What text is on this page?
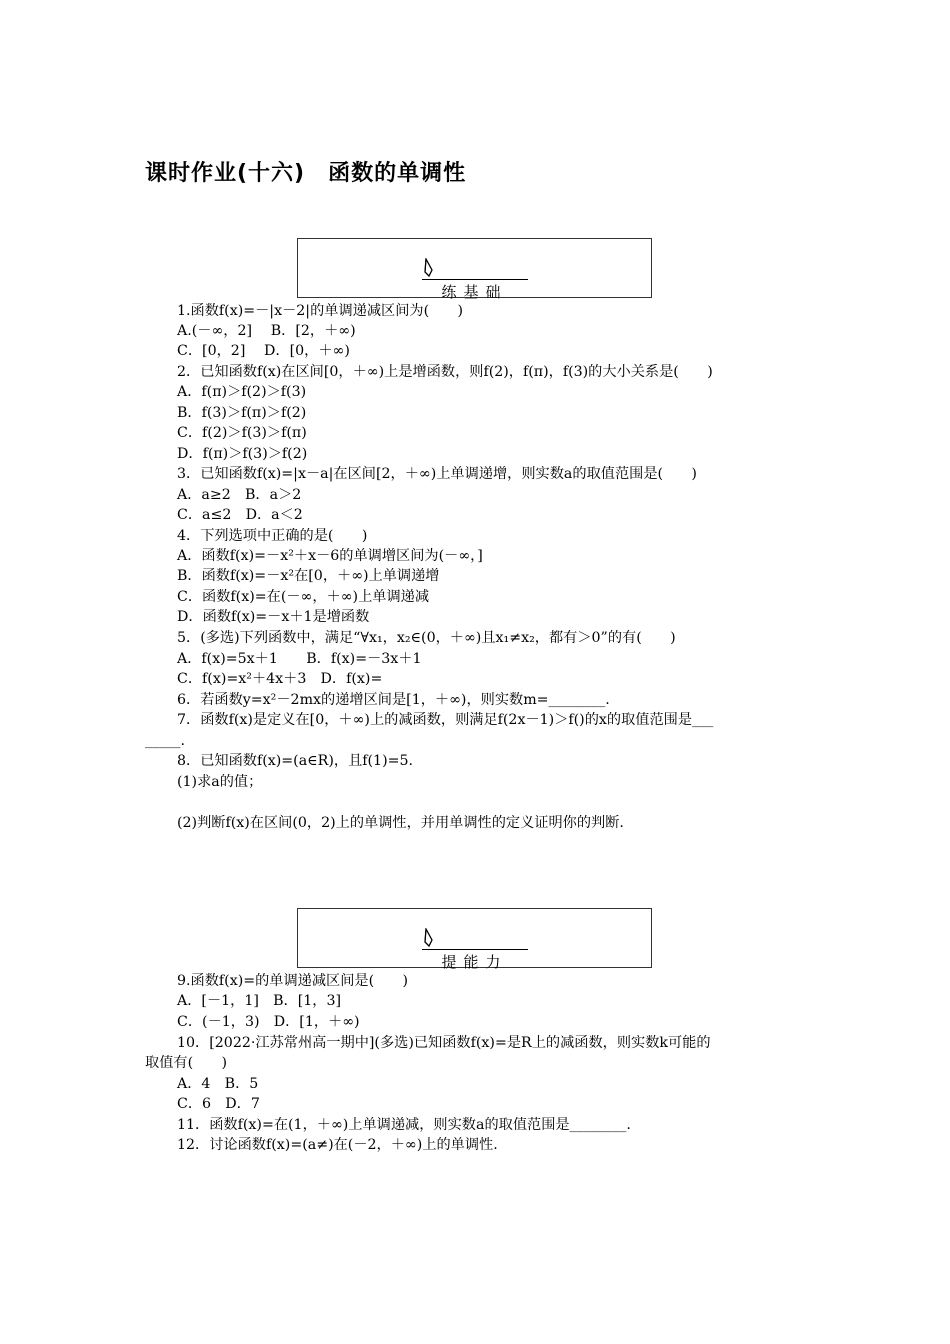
课时作业(十六)　函数的单调性
练基础
提能力
1.函数f(x)=－|x－2|的单调递减区间为(　　)
A.(－∞，2]　 B．[2，＋∞)
C．[0，2]　 D．[0，＋∞)
2．已知函数f(x)在区间[0，＋∞)上是增函数，则f(2)，f(π)，f(3)的大小关系是(　　)
A．f(π)＞f(2)＞f(3)
B．f(3)＞f(π)＞f(2)
C．f(2)＞f(3)＞f(π)
D．f(π)＞f(3)＞f(2)
3．已知函数f(x)=|x－a|在区间[2，＋∞)上单调递增，则实数a的取值范围是(　　)
A．a≥2　B．a＞2
C．a≤2　D．a＜2
4．下列选项中正确的是(　　)
A．函数f(x)=－x²＋x－6的单调增区间为(－∞，]
B．函数f(x)=－x²在[0，＋∞)上单调递增
C．函数f(x)=在(－∞，＋∞)上单调递减
D．函数f(x)=－x＋1是增函数
5．(多选)下列函数中，满足“∀x₁，x₂∈(0，＋∞)且x₁≠x₂，都有＞0”的有(　　)
A．f(x)=5x＋1　　B．f(x)=－3x＋1
C．f(x)=x²＋4x＋3　D．f(x)=
6．若函数y=x²－2mx的递增区间是[1，＋∞)，则实数m=________.
7．函数f(x)是定义在[0，＋∞)上的减函数，则满足f(2x－1)＞f()的x的取值范围是___
_____.
8．已知函数f(x)=(a∈R)，且f(1)=5.
(1)求a的值；
(2)判断f(x)在区间(0，2)上的单调性，并用单调性的定义证明你的判断.
9.函数f(x)=的单调递减区间是(　　)
A．[－1，1]　B．[1，3]
C．(－1，3)　D．[1，＋∞)
10．[2022·江苏常州高一期中](多选)已知函数f(x)=是R上的减函数，则实数k可能的
取值有(　　)
A．4　B．5
C．6　D．7
11．函数f(x)=在(1，＋∞)上单调递减，则实数a的取值范围是________.
12．讨论函数f(x)=(a≠)在(－2，＋∞)上的单调性.
